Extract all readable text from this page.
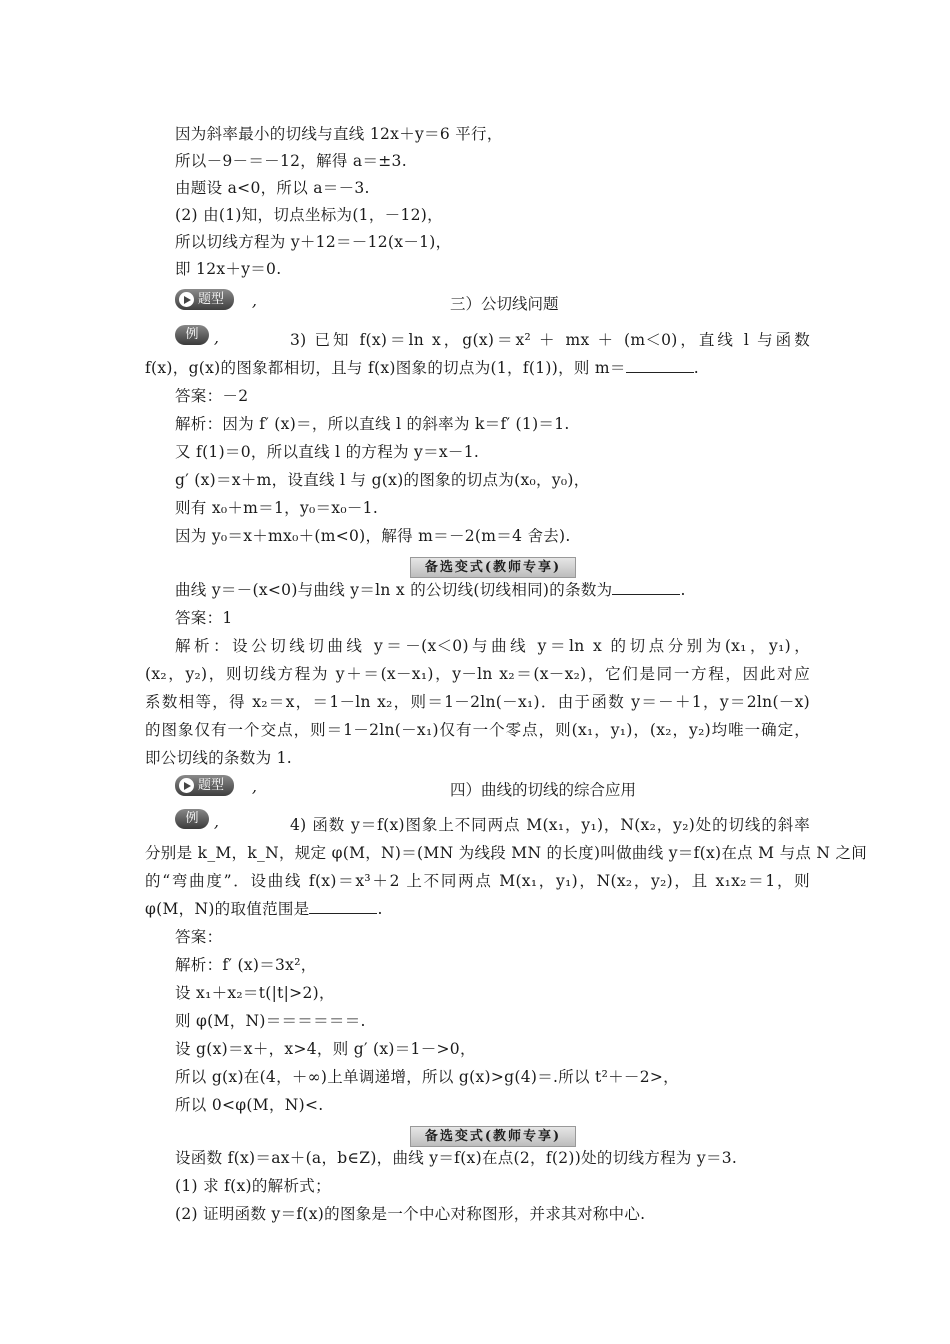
因为斜率最小的切线与直线 12x＋y＝6 平行，
所以－9－＝－12，解得 a＝±3.
由题设 a<0，所以 a＝－3.
(2) 由(1)知，切点坐标为(1，－12)，
所以切线方程为 y＋12＝－12(x－1)，
即 12x＋y＝0.
题型 ,	三）公切线问题
例	,	3) 已知 f(x)＝ln x，g(x)＝x² ＋ mx ＋ (m＜0)，直线 l 与函数
f(x)，g(x)的图象都相切，且与 f(x)图象的切点为(1，f(1))，则 m＝	.
答案：－2
解析：因为 f′ (x)＝，所以直线 l 的斜率为 k＝f′ (1)＝1.
又 f(1)＝0，所以直线 l 的方程为 y＝x－1.
g′ (x)＝x＋m，设直线 l 与 g(x)的图象的切点为(x₀，y₀)，
则有 x₀＋m＝1，y₀＝x₀－1.
因为 y₀＝x＋mx₀＋(m<0)，解得 m＝－2(m＝4 舍去).
备选变式(教师专享)
曲线 y＝－(x<0)与曲线 y＝ln x 的公切线(切线相同)的条数为	.
答案：1
解析：设公切线切曲线 y＝－(x＜0)与曲线 y＝ln x 的切点分别为(x₁，y₁)，
(x₂，y₂)，则切线方程为 y＋＝(x－x₁)，y－ln x₂＝(x－x₂)，它们是同一方程，因此对应
系数相等，得 x₂＝x，＝1－ln x₂，则＝1－2ln(－x₁)．由于函数 y＝－＋1，y＝2ln(－x)
的图象仅有一个交点，则＝1－2ln(－x₁)仅有一个零点，则(x₁，y₁)，(x₂，y₂)均唯一确定，
即公切线的条数为 1.
题型 ,	四）曲线的切线的综合应用
例	,	4) 函数 y＝f(x)图象上不同两点 M(x₁，y₁)，N(x₂，y₂)处的切线的斜率
分别是 k_M，k_N，规定 φ(M，N)＝(MN 为线段 MN 的长度)叫做曲线 y＝f(x)在点 M 与点 N 之间
的“弯曲度”．设曲线 f(x)＝x³＋2 上不同两点 M(x₁，y₁)，N(x₂，y₂)，且 x₁x₂＝1，则
φ(M，N)的取值范围是	.
答案：
解析：f′ (x)＝3x²，
设 x₁＋x₂＝t(|t|>2)，
则 φ(M，N)＝＝＝＝＝＝.
设 g(x)＝x＋，x>4，则 g′ (x)＝1－>0，
所以 g(x)在(4，＋∞)上单调递增，所以 g(x)>g(4)＝.所以 t²＋－2>，
所以 0<φ(M，N)<.
备选变式(教师专享)
设函数 f(x)＝ax＋(a，b∈Z)，曲线 y＝f(x)在点(2，f(2))处的切线方程为 y＝3.
(1) 求 f(x)的解析式；
(2) 证明函数 y＝f(x)的图象是一个中心对称图形，并求其对称中心.
